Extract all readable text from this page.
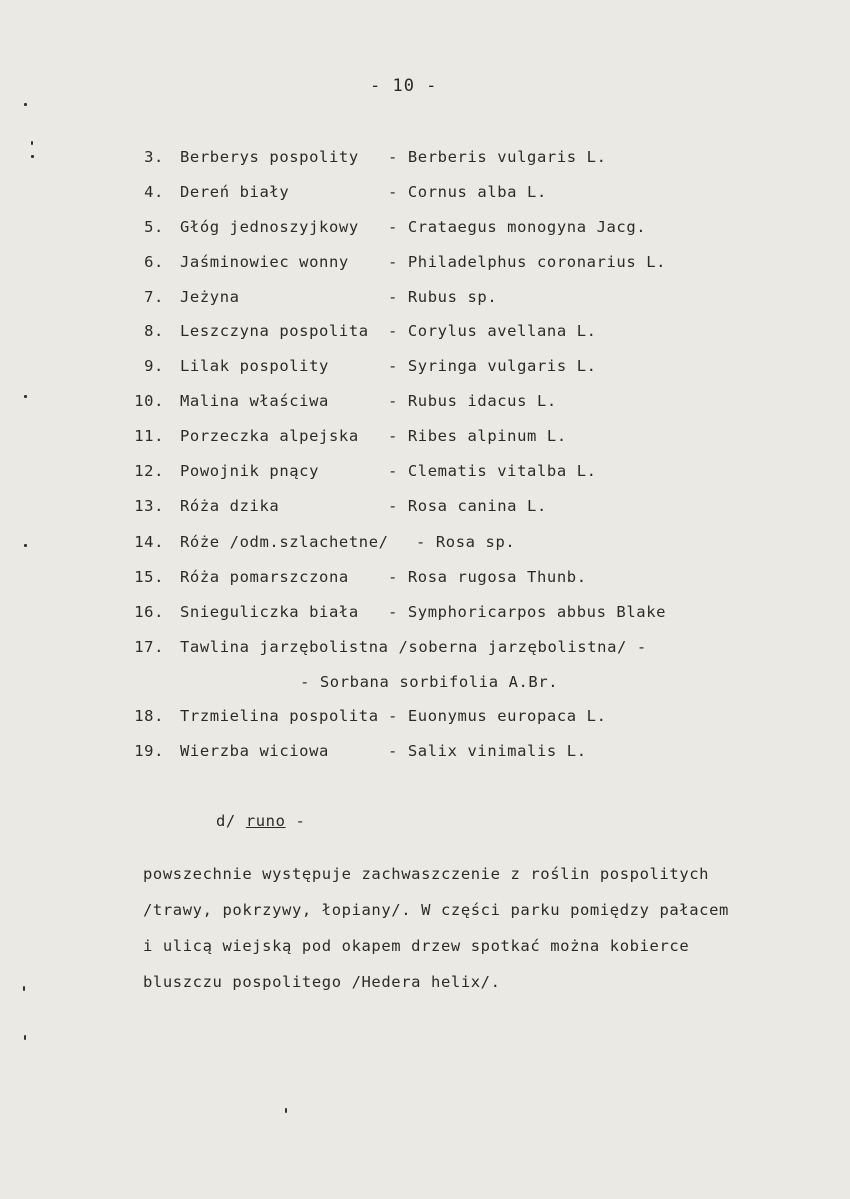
- 10 -
3. Berberys pospolity - Berberis vulgaris L.
4. Dereń biały	- Cornus alba L.
5. Głóg jednoszyjkowy - Crataegus monogyna Jacg.
6. Jaśminowiec wonny	- Philadelphus coronarius L.
7. Jeżyna	- Rubus sp.
8. Leszczyna pospolita - Corylus avellana L.
9. Lilak pospolity	- Syringa vulgaris L.
10. Malina właściwa	- Rubus idacus L.
11. Porzeczka alpejska - Ribes alpinum L.
12. Powojnik pnący	- Clematis vitalba L.
13. Róża dzika	- Rosa canina L.
14. Róże /odm.szlachetne/ - Rosa sp.
15. Róża pomarszczona	- Rosa rugosa Thunb.
16. Snieguliczka biała - Symphoricarpos abbus Blake
17. Tawlina jarzębolistna /soberna jarzębolistna/ -
- Sorbana sorbifolia A.Br.
18. Trzmielina pospolita - Euonymus europaca L.
19. Wierzba wiciowa	- Salix vinimalis L.
d/ runo -
powszechnie występuje zachwaszczenie z roślin pospolitych
/trawy, pokrzywy, łopiany/. W części parku pomiędzy pałacem
i ulicą wiejską pod okapem drzew spotkać można kobierce
bluszczu pospolitego /Hedera helix/.
